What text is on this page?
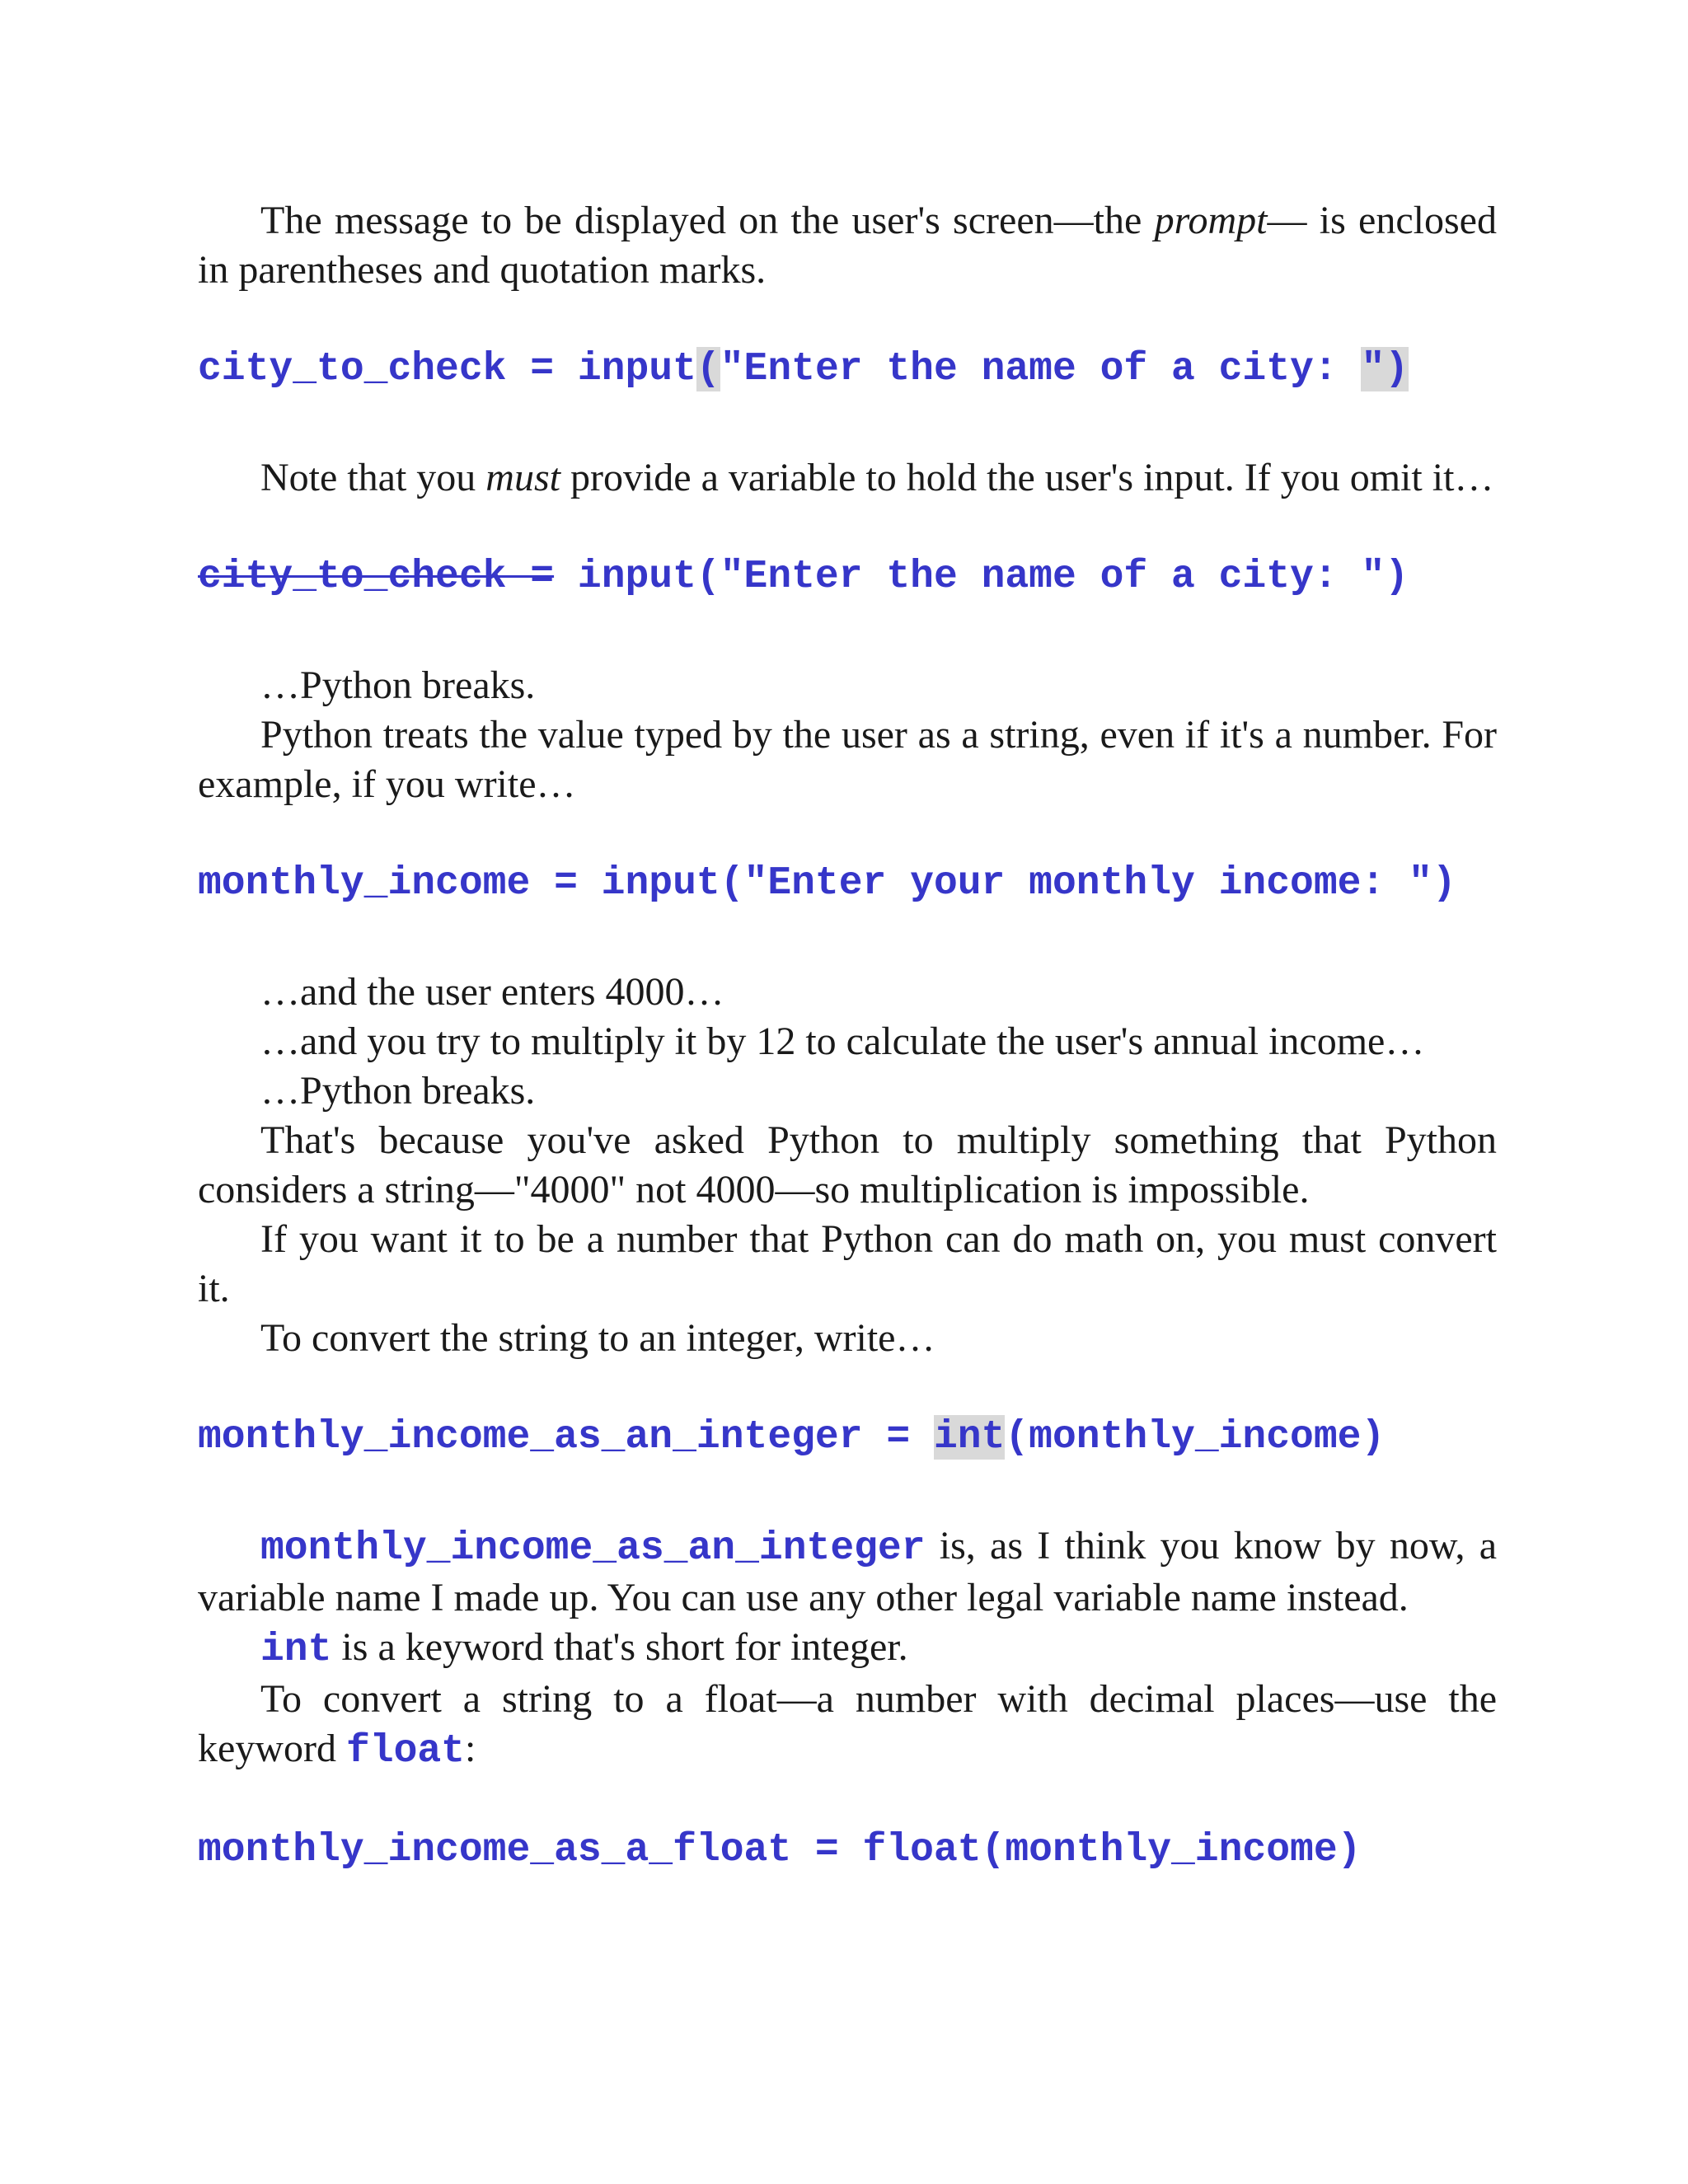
The message to be displayed on the user's screen—the prompt— is enclosed in parentheses and quotation marks.

city_to_check = input("Enter the name of a city: ")

Note that you must provide a variable to hold the user's input. If you omit it…

city_to_check = input("Enter the name of a city: ")

…Python breaks.

Python treats the value typed by the user as a string, even if it's a number. For example, if you write…

monthly_income = input("Enter your monthly income: ")

…and the user enters 4000…

…and you try to multiply it by 12 to calculate the user's annual income…

…Python breaks.

That's because you've asked Python to multiply something that Python considers a string—"4000" not 4000—so multiplication is impossible.

If you want it to be a number that Python can do math on, you must convert it.

To convert the string to an integer, write…

monthly_income_as_an_integer = int(monthly_income)

monthly_income_as_an_integer is, as I think you know by now, a variable name I made up. You can use any other legal variable name instead.

int is a keyword that's short for integer.

To convert a string to a float—a number with decimal places—use the keyword float:

monthly_income_as_a_float = float(monthly_income)
